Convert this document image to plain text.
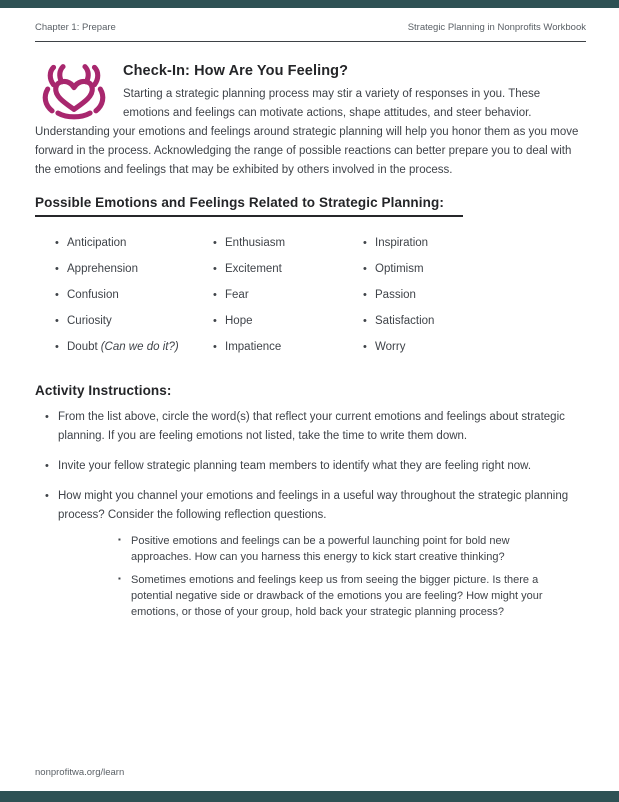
Chapter 1: Prepare	Strategic Planning in Nonprofits Workbook
Check-In: How Are You Feeling?

Starting a strategic planning process may stir a variety of responses in you. These emotions and feelings can motivate actions, shape attitudes, and steer behavior. Understanding your emotions and feelings around strategic planning will help you honor them as you move forward in the process. Acknowledging the range of possible reactions can better prepare you to deal with the emotions and feelings that may be exhibited by others involved in the process.

Possible Emotions and Feelings Related to Strategic Planning:
• Anticipation	• Enthusiasm	• Inspiration
• Apprehension	• Excitement	• Optimism
• Confusion	• Fear	• Passion
• Curiosity	• Hope	• Satisfaction
• Doubt (Can we do it?)	• Impatience	• Worry
Activity Instructions:
• From the list above, circle the word(s) that reflect your current emotions and feelings about strategic planning. If you are feeling emotions not listed, take the time to write them down.
• Invite your fellow strategic planning team members to identify what they are feeling right now.
• How might you channel your emotions and feelings in a useful way throughout the strategic planning process? Consider the following reflection questions.
▪ Positive emotions and feelings can be a powerful launching point for bold new approaches. How can you harness this energy to kick start creative thinking?
▪ Sometimes emotions and feelings keep us from seeing the bigger picture. Is there a potential negative side or drawback of the emotions you are feeling? How might your emotions, or those of your group, hold back your strategic planning process?
nonprofitwa.org/learn
